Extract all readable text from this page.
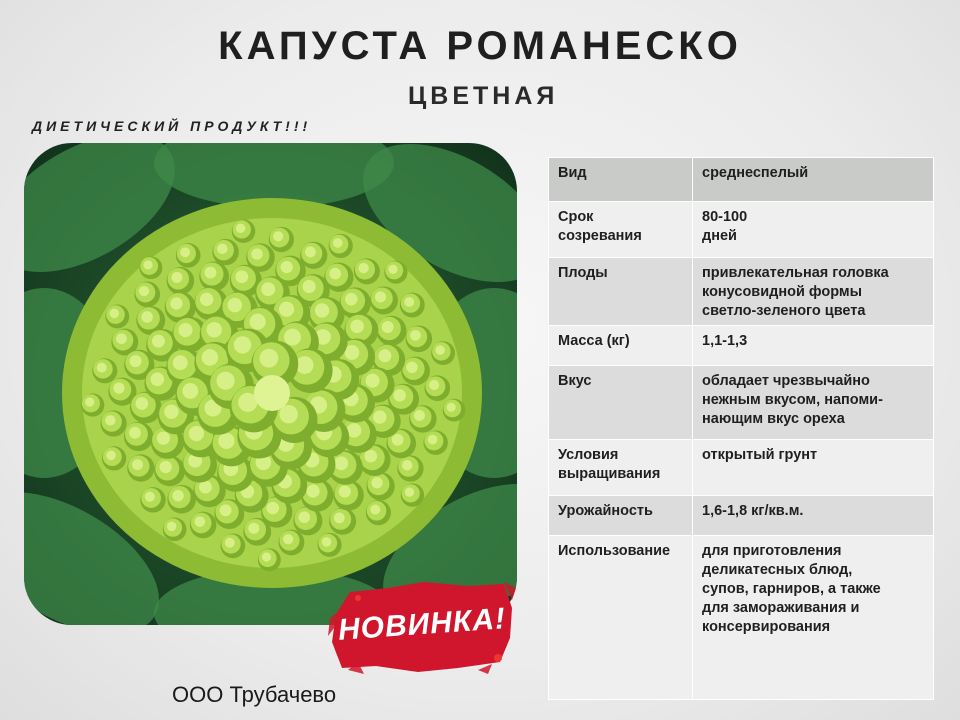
КАПУСТА РОМАНЕСКО
ЦВЕТНАЯ
ДИЕТИЧЕСКИЙ ПРОДУКТ!!!
НОВИНКА!
ООО Трубачево
Вид	среднеспелый
Срок
созревания	80-100
дней
Плоды	привлекательная головка
конусовидной формы
светло-зеленого цвета
Масса (кг)	1,1-1,3
Вкус	обладает чрезвычайно
нежным вкусом, напоми-
нающим вкус ореха
Условия
выращивания	открытый грунт
Урожайность	1,6-1,8 кг/кв.м.
Использование	для приготовления
деликатесных блюд,
супов, гарниров, а также
для замораживания и
консервирования
